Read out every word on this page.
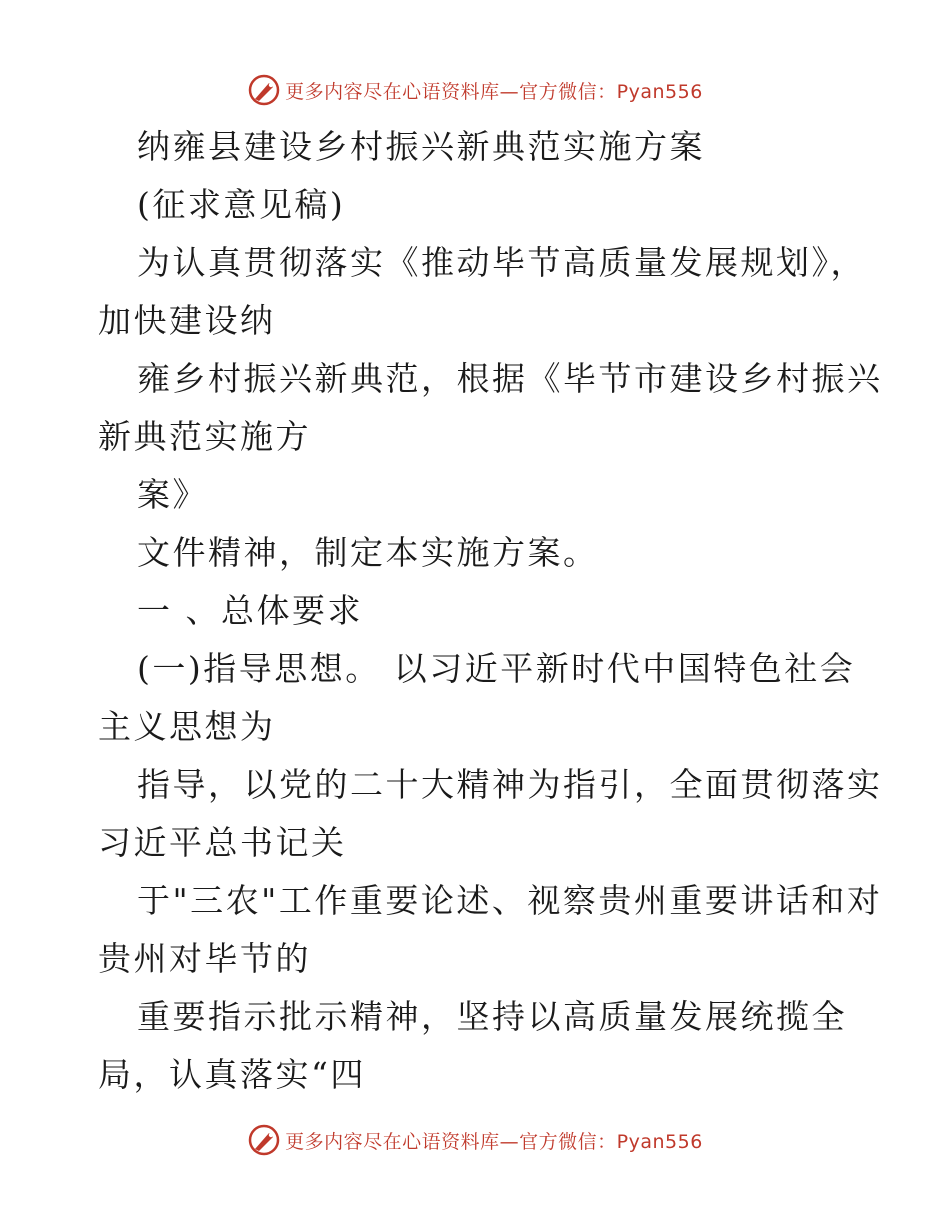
更多内容尽在心语资料库—官方微信：Pyan556
纳雍县建设乡村振兴新典范实施方案
(征求意见稿)
为认真贯彻落实《推动毕节高质量发展规划》，
加快建设纳
雍乡村振兴新典范，根据《毕节市建设乡村振兴
新典范实施方
案》
文件精神，制定本实施方案。
一 、总体要求
(一)指导思想。 以习近平新时代中国特色社会
主义思想为
指导，以党的二十大精神为指引，全面贯彻落实
习近平总书记关
于"三农"工作重要论述、视察贵州重要讲话和对
贵州对毕节的
重要指示批示精神，坚持以高质量发展统揽全
局，认真落实“四
更多内容尽在心语资料库—官方微信：Pyan556
